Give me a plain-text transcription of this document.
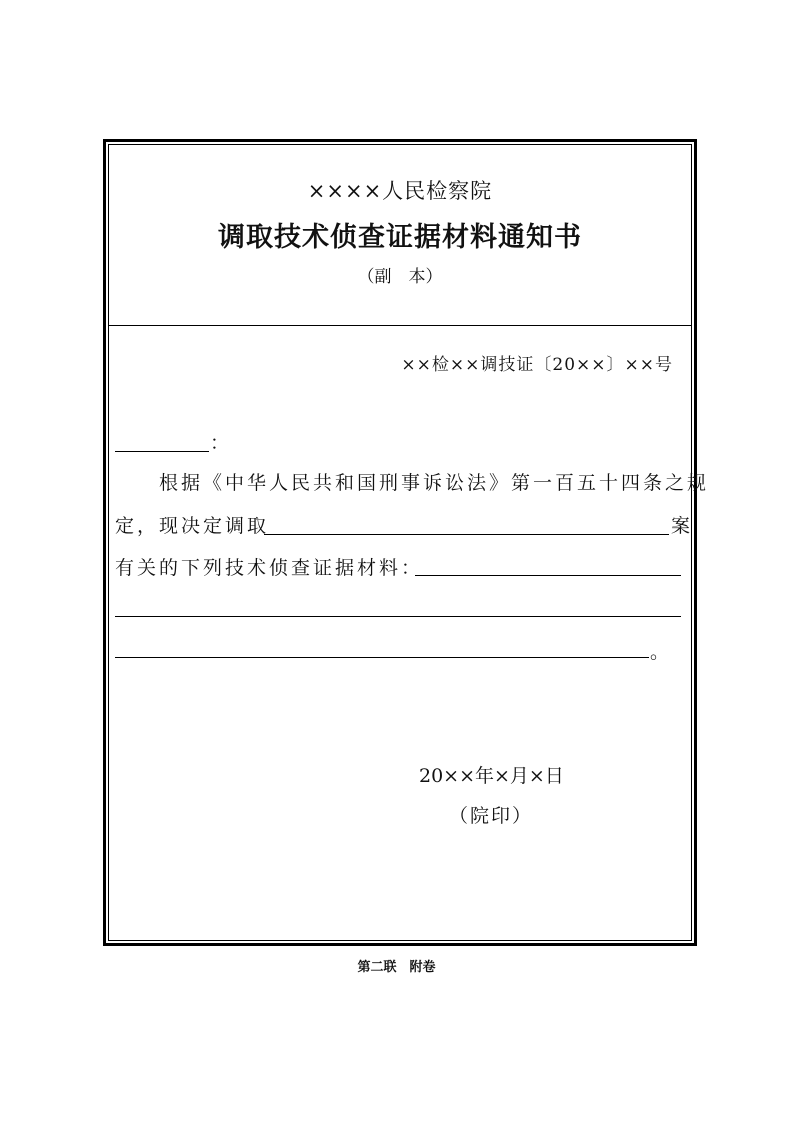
××××人民检察院
调取技术侦查证据材料通知书
（副　本）
××检××调技证〔20××〕××号
：
根据《中华人民共和国刑事诉讼法》第一百五十四条之规
定，现决定调取	案
有关的下列技术侦查证据材料：
。
20××年×月×日
（院印）
第二联　附卷
